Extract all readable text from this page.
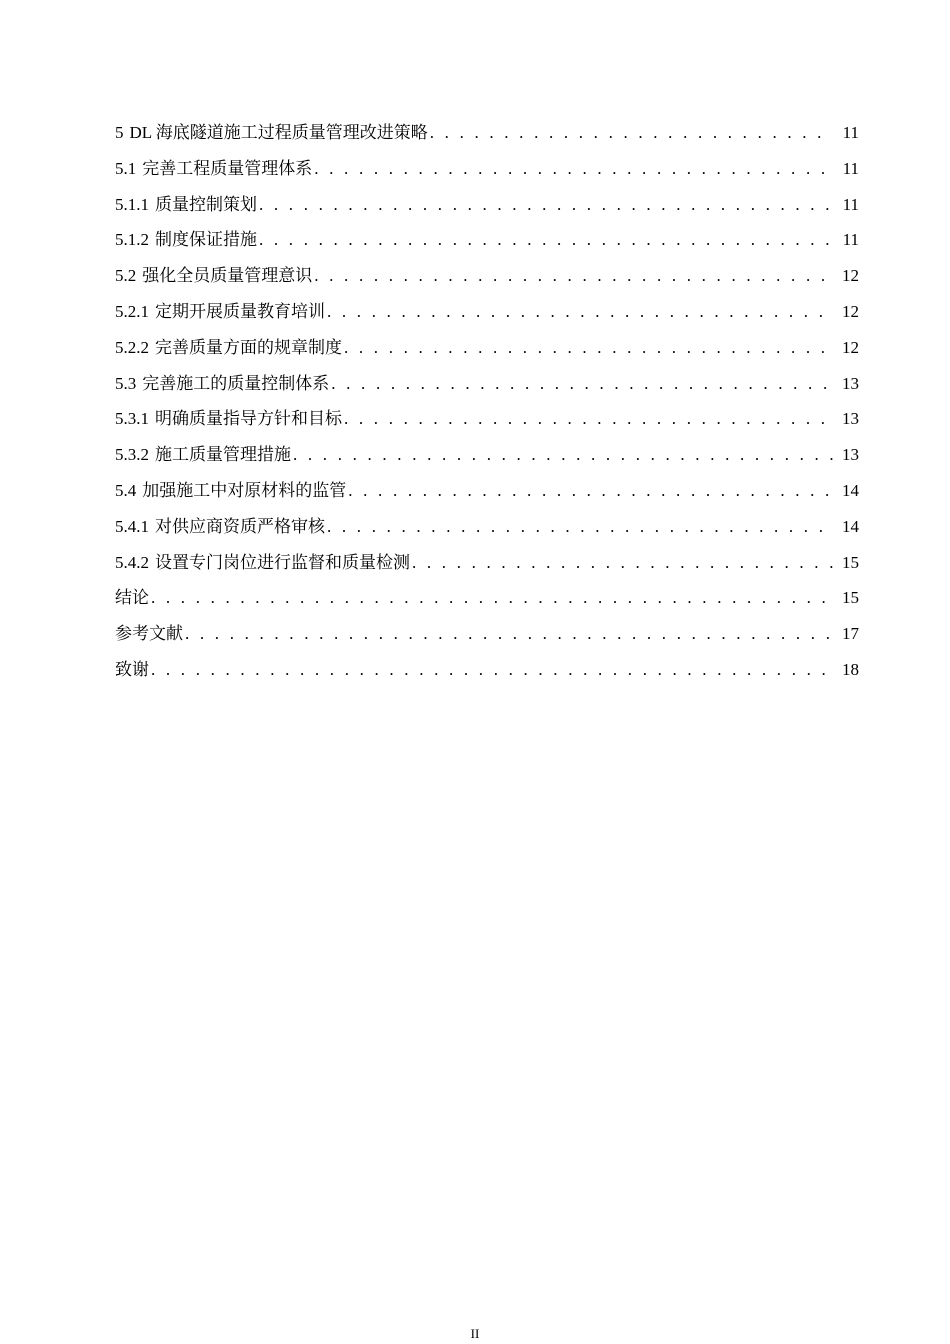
5 DL 海底隧道施工过程质量管理改进策略 . . .	11
5.1 完善工程质量管理体系 . . .	11
5.1.1 质量控制策划 . . .	11
5.1.2 制度保证措施 . . .	11
5.2 强化全员质量管理意识 . . .	12
5.2.1 定期开展质量教育培训 . . .	12
5.2.2 完善质量方面的规章制度 . . .	12
5.3 完善施工的质量控制体系 . . .	13
5.3.1 明确质量指导方针和目标 . . .	13
5.3.2 施工质量管理措施 . . .	13
5.4 加强施工中对原材料的监管 . . .	14
5.4.1 对供应商资质严格审核 . . .	14
5.4.2 设置专门岗位进行监督和质量检测 . . .	15
结论 . . .	15
参考文献 . . .	17
致谢 . . .	18
II
